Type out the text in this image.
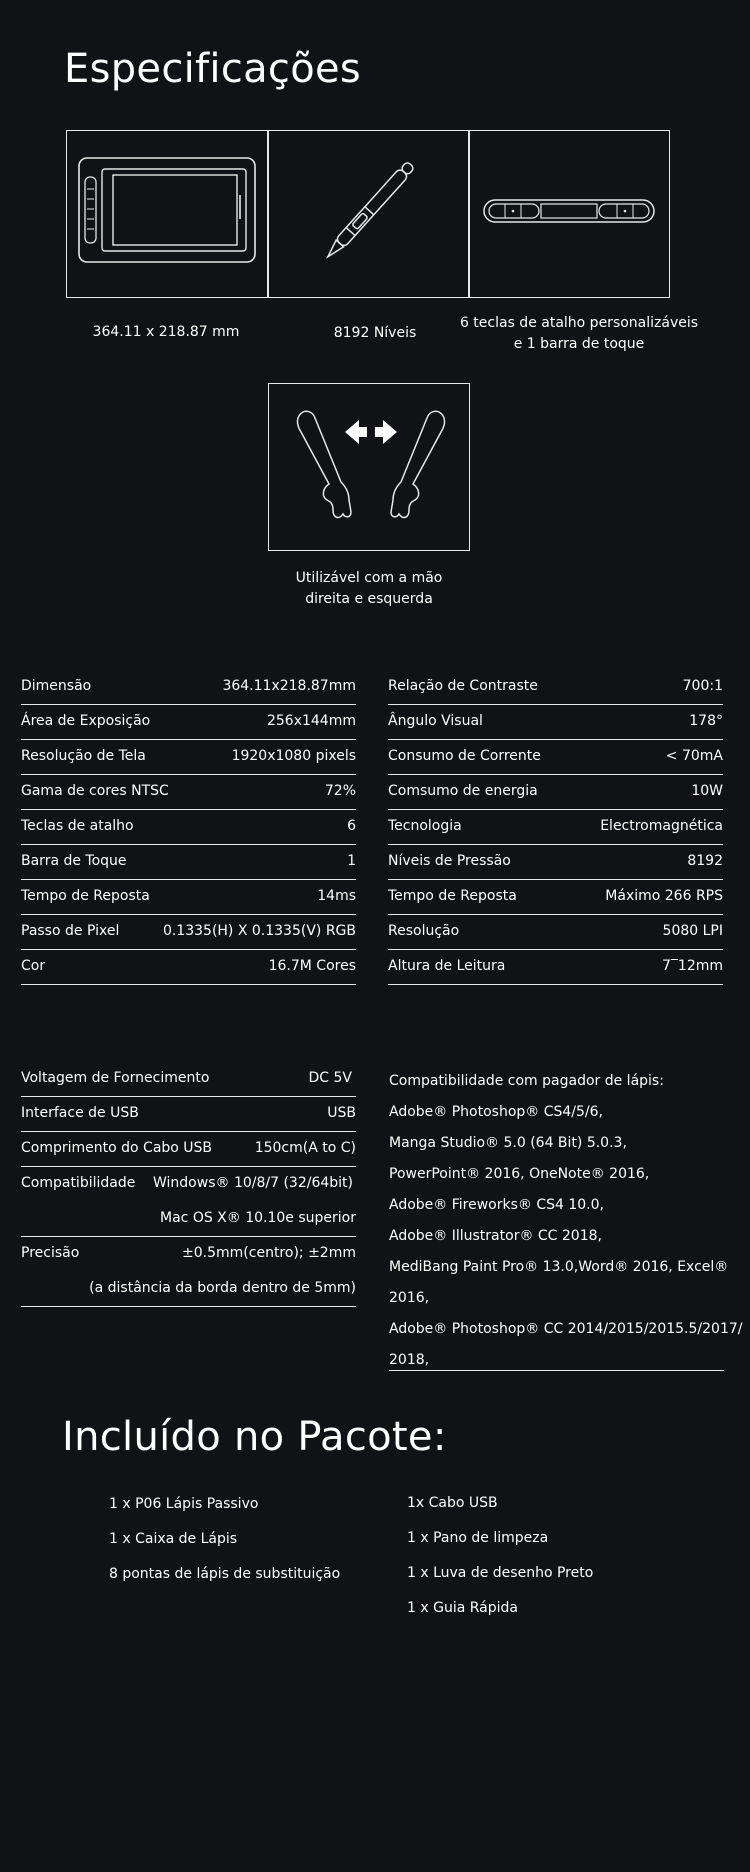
Especificações
364.11 x 218.87 mm	8192 Níveis
6 teclas de atalho personalizáveis
e 1 barra de toque
Utilizável com a mão
direita e esquerda
Dimensão	364.11x218.87mm
Área de Exposição	256x144mm
Resolução de Tela	1920x1080 pixels
Gama de cores NTSC	72%
Teclas de atalho	6
Barra de Toque	1
Tempo de Reposta	14ms
Passo de Pixel	0.1335(H) X 0.1335(V) RGB
Cor	16.7M Cores
Relação de Contraste	700:1
Ângulo Visual	178°
Consumo de Corrente	< 70mA
Comsumo de energia	10W
Tecnologia	Electromagnética
Níveis de Pressão	8192
Tempo de Reposta	Máximo 266 RPS
Resolução	5080 LPI
Altura de Leitura	7‾12mm
Voltagem de Fornecimento	DC 5V
Interface de USB	USB
Comprimento do Cabo USB	150cm(A to C)
Compatibilidade Windows® 10/8/7 (32/64bit)
Mac OS X® 10.10e superior
Precisão	±0.5mm(centro); ±2mm
(a distância da borda dentro de 5mm)
Compatibilidade com pagador de lápis:
Adobe® Photoshop® CS4/5/6,
Manga Studio® 5.0 (64 Bit) 5.0.3,
PowerPoint® 2016, OneNote® 2016,
Adobe® Fireworks® CS4 10.0,
Adobe® Illustrator® CC 2018,
MediBang Paint Pro® 13.0,Word® 2016, Excel®
2016,
Adobe® Photoshop® CC 2014/2015/2015.5/2017/
2018,
Incluído no Pacote:
1 x P06 Lápis Passivo
1 x Caixa de Lápis
8 pontas de lápis de substituição
1x Cabo USB
1 x Pano de limpeza
1 x Luva de desenho Preto
1 x Guia Rápida
